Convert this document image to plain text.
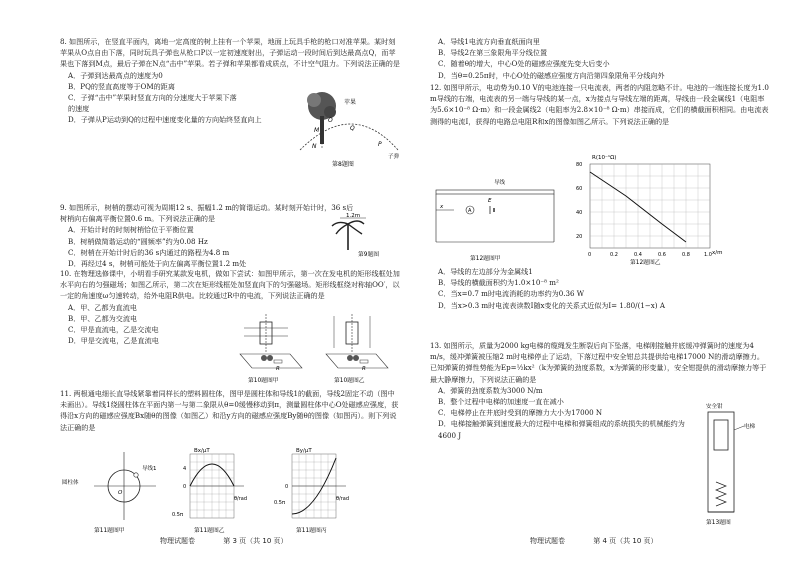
8. 如图所示，在竖直平面内，离地一定高度的树上挂有一个苹果，地面上玩具手枪的枪口对准苹果。某时刻苹果从O点自由下落，同时玩具子弹也从枪口P以一定初速度射出，子弹运动一段时间后到达最高点Q，而苹果也下落到M点，最后子弹在N点“击中”苹果。若子弹和苹果都看成质点，不计空气阻力。下列说法正确的是

A．子弹到达最高点的速度为0

B．PQ的竖直高度等于OM的距离

C．子弹“击中”苹果时竖直方向的分速度大于苹果下落的速度

D．子弹从P运动到Q的过程中速度变化量的方向始终竖直向上

苹果
O
M	Q
N	P
子弹
第8题图

9. 如图所示，树梢的摆动可视为周期12 s、振幅1.2 m的简谐运动。某时刻开始计时，36 s后树梢向右偏离平衡位置0.6 m。下列说法正确的是

A．开始计时的时刻树梢恰位于平衡位置

B．树梢做简谐运动的“圆频率”约为0.08 Hz

C．树梢在开始计时后的36 s内通过的路程为4.8 m

D．再经过4 s，树梢可能处于向左偏离平衡位置1.2 m处

1.2m
第9题图

10. 在物理选修课中，小明看手研究某款发电机，做如下尝试：如图甲所示，第一次在发电机的矩形线框处加水平向右的匀强磁场；如图乙所示，第二次在矩形线框处加竖直向下的匀强磁场。矩形线框绕对称轴OO′，以一定的角速度ω匀速转动，给外电阻R供电。比较通过R中的电流，下列说法正确的是

A．甲、乙都为直流电

B．甲、乙都为交流电

C．甲是直流电，乙是交流电

D．甲是交流电，乙是直流电

R
第10题图甲
R
第10题图乙

11. 两根通电细长直导线紧靠着同样长的塑料圆柱体，图甲是圆柱体和导线1的截面，导线2固定不动（图中未画出）。导线1绕圆柱体在平面内第一与第二象限从θ=0缓慢移动到π，测量圆柱体中心O处磁感应强度，获得沿x方向的磁感应强度Bx随θ的图像（如图乙）和沿y方向的磁感应强度By随θ的图像（如图丙）。则下列说法正确的是

圆柱体
导线1
O
第11题图甲
Bx/μT
θ/rad
4
0
0.5π
第11题图乙
By/μT
θ/rad
0
0.5π
第11题图丙
物理试题卷	第 3 页（共 10 页）

A．导线1电流方向垂直纸面向里

B．导线2在第三象限角平分线位置

C．随着θ的增大，中心O处的磁感应强度先变大后变小

D．当θ=0.25π时，中心O处的磁感应强度方向沿第四象限角平分线向外

12. 如图甲所示，电动势为0.10 V的电池连接一只电流表，两者的内阻忽略不计。电池的一端连接长度为1.0 m导线的右端，电流表的另一端与导线的某一点，x为接点与导线左端的距离，导线由一段金属线1（电阻率为5.6×10⁻⁸ Ω·m）和一段金属线2（电阻率为2.8×10⁻⁸ Ω·m）串接而成，它们的横截面积相同。由电流表测得的电流I，获得的电路总电阻R和x的图像如图乙所示。下列说法正确的是

导线
x
A
E
第12题图甲
R(10⁻¹Ω)
x/m
80
60
40
20
0	0.2	0.4	0.6	0.8	1.0
第12题图乙

A．导线的左边部分为金属线1

B．导线的横截面积约为1.0×10⁻⁸ m²

C．当x=0.7 m时电流消耗的功率约为0.36 W

D．当x>0.3 m时电流表读数I随x变化的关系式近似为I= 1.80/(1−x) A

13. 如图所示，质量为2000 kg电梯的缆绳发生断裂后向下坠落，电梯刚接触井底缓冲弹簧时的速度为4 m/s，缓冲弹簧被压缩2 m时电梯停止了运动，下落过程中安全钳总共提供给电梯17000 N的滑动摩擦力。已知弹簧的弹性势能为Ep=½kx²（k为弹簧的劲度系数，x为弹簧的形变量），安全钳提供的滑动摩擦力等于最大静摩擦力，下列说法正确的是

A．弹簧的劲度系数为3000 N/m

B．整个过程中电梯的加速度一直在减小

C．电梯停止在井底时受到的摩擦力大小为17000 N

D．电梯接触弹簧到速度最大的过程中电梯和弹簧组成的系统损失的机械能约为4600 J

安全钳
电梯
第13题图
物理试题卷	第 4 页（共 10 页）
